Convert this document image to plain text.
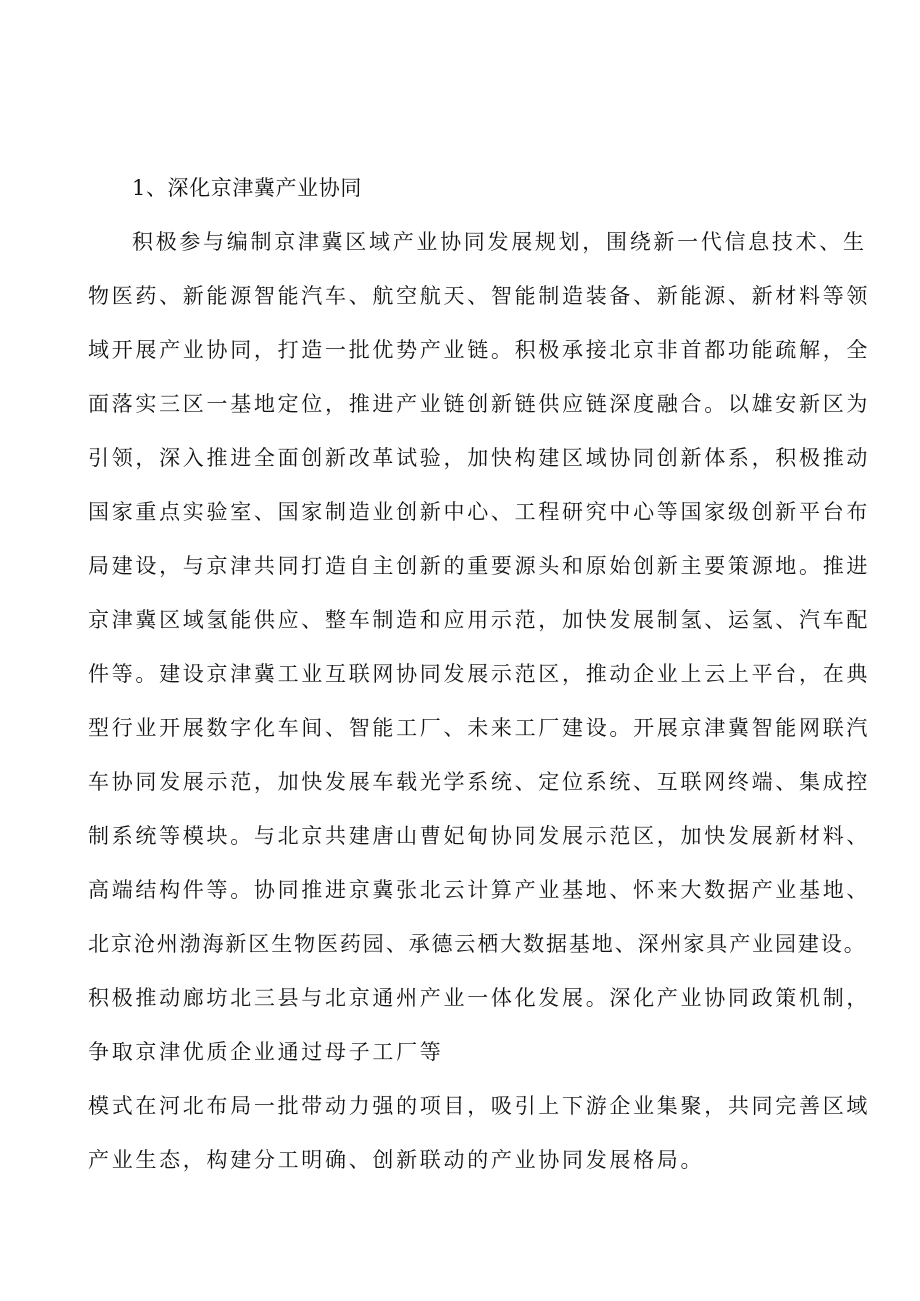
1、深化京津冀产业协同
积极参与编制京津冀区域产业协同发展规划，围绕新一代信息技术、生
物医药、新能源智能汽车、航空航天、智能制造装备、新能源、新材料等领
域开展产业协同，打造一批优势产业链。积极承接北京非首都功能疏解，全
面落实三区一基地定位，推进产业链创新链供应链深度融合。以雄安新区为
引领，深入推进全面创新改革试验，加快构建区域协同创新体系，积极推动
国家重点实验室、国家制造业创新中心、工程研究中心等国家级创新平台布
局建设，与京津共同打造自主创新的重要源头和原始创新主要策源地。推进
京津冀区域氢能供应、整车制造和应用示范，加快发展制氢、运氢、汽车配
件等。建设京津冀工业互联网协同发展示范区，推动企业上云上平台，在典
型行业开展数字化车间、智能工厂、未来工厂建设。开展京津冀智能网联汽
车协同发展示范，加快发展车载光学系统、定位系统、互联网终端、集成控
制系统等模块。与北京共建唐山曹妃甸协同发展示范区，加快发展新材料、
高端结构件等。协同推进京冀张北云计算产业基地、怀来大数据产业基地、
北京沧州渤海新区生物医药园、承德云栖大数据基地、深州家具产业园建设。
积极推动廊坊北三县与北京通州产业一体化发展。深化产业协同政策机制，
争取京津优质企业通过母子工厂等
模式在河北布局一批带动力强的项目，吸引上下游企业集聚，共同完善区域
产业生态，构建分工明确、创新联动的产业协同发展格局。
